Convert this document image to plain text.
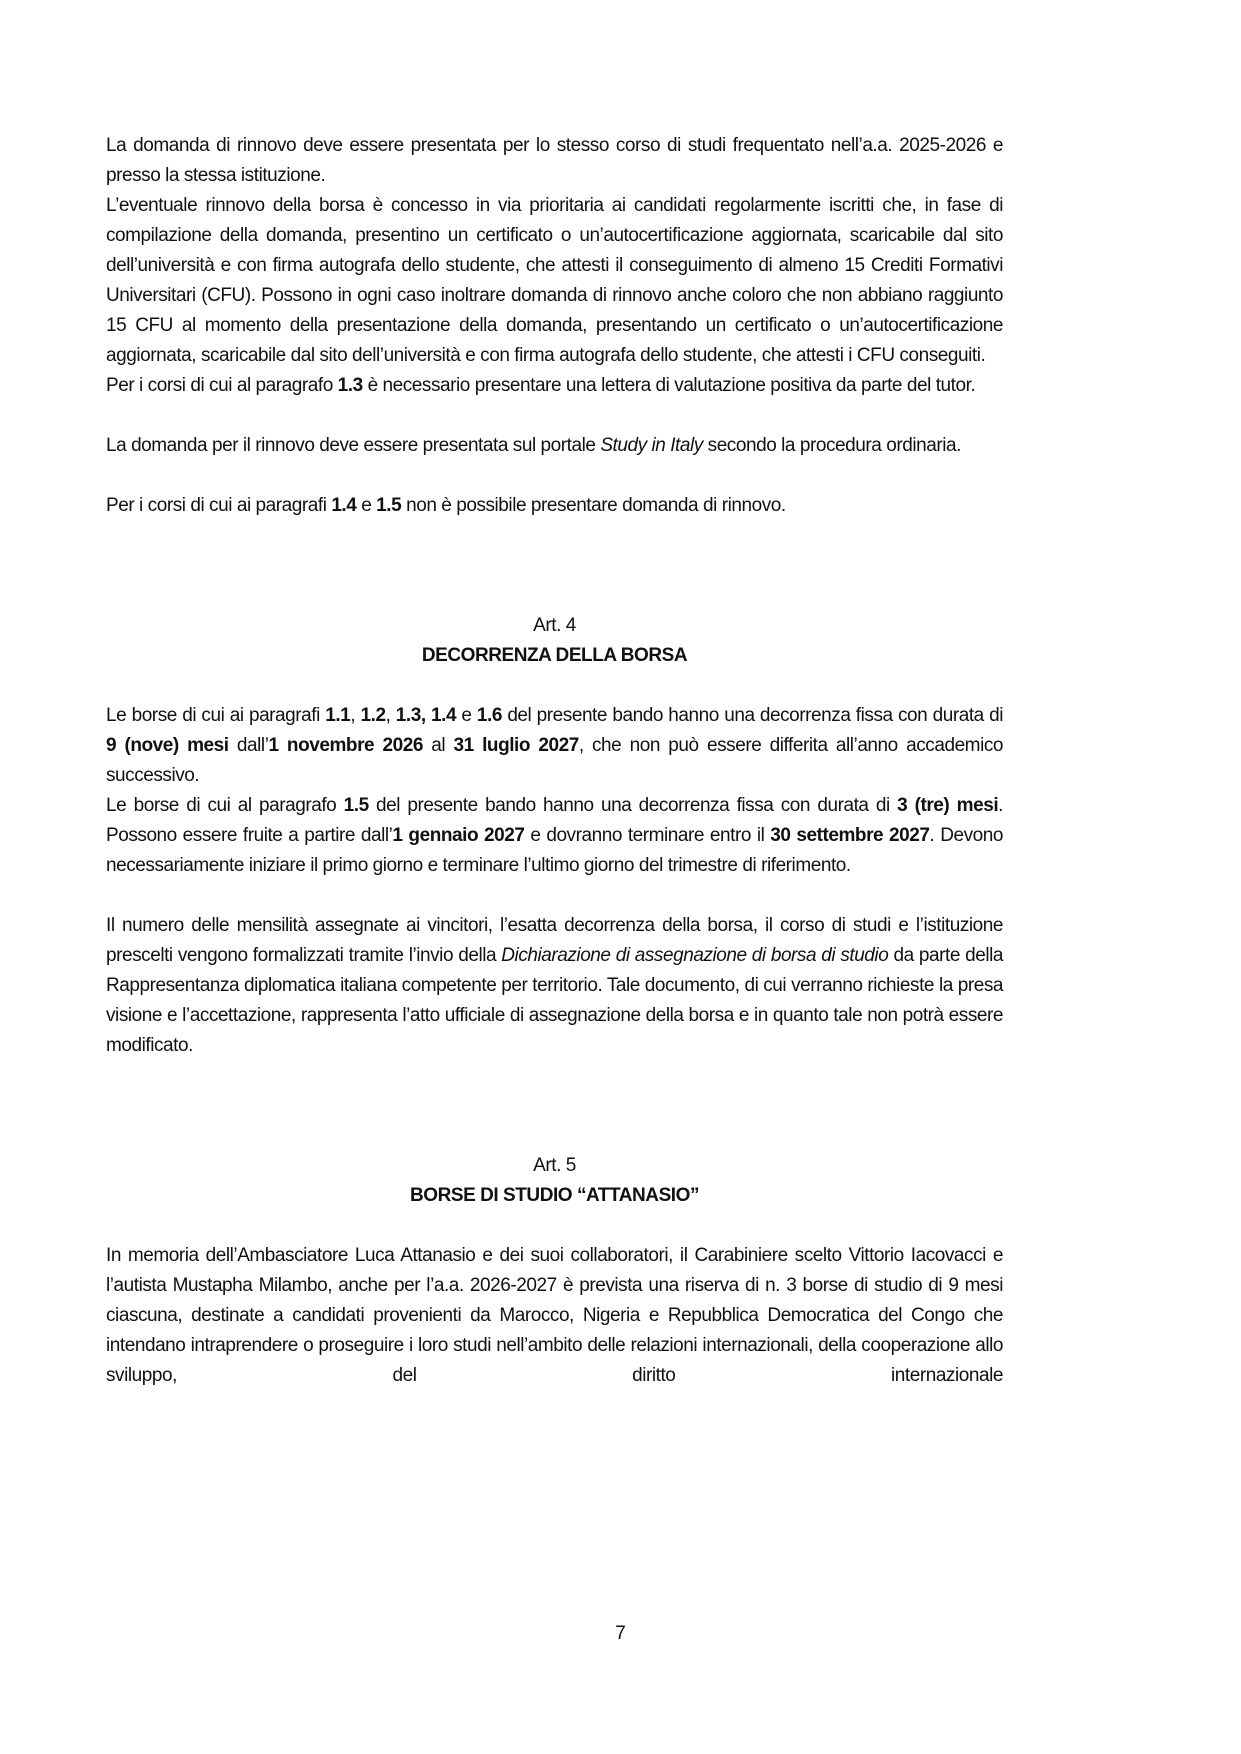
La domanda di rinnovo deve essere presentata per lo stesso corso di studi frequentato nell’a.a. 2025-2026 e presso la stessa istituzione.

L’eventuale rinnovo della borsa è concesso in via prioritaria ai candidati regolarmente iscritti che, in fase di compilazione della domanda, presentino un certificato o un’autocertificazione aggiornata, scaricabile dal sito dell’università e con firma autografa dello studente, che attesti il conseguimento di almeno 15 Crediti Formativi Universitari (CFU). Possono in ogni caso inoltrare domanda di rinnovo anche coloro che non abbiano raggiunto 15 CFU al momento della presentazione della domanda, presentando un certificato o un’autocertificazione aggiornata, scaricabile dal sito dell’università e con firma autografa dello studente, che attesti i CFU conseguiti.

Per i corsi di cui al paragrafo 1.3 è necessario presentare una lettera di valutazione positiva da parte del tutor.

La domanda per il rinnovo deve essere presentata sul portale Study in Italy secondo la procedura ordinaria.

Per i corsi di cui ai paragrafi 1.4 e 1.5 non è possibile presentare domanda di rinnovo.

Art. 4

DECORRENZA DELLA BORSA

Le borse di cui ai paragrafi 1.1, 1.2, 1.3, 1.4 e 1.6 del presente bando hanno una decorrenza fissa con durata di 9 (nove) mesi dall’1 novembre 2026 al 31 luglio 2027, che non può essere differita all’anno accademico successivo.

Le borse di cui al paragrafo 1.5 del presente bando hanno una decorrenza fissa con durata di 3 (tre) mesi. Possono essere fruite a partire dall’1 gennaio 2027 e dovranno terminare entro il 30 settembre 2027. Devono necessariamente iniziare il primo giorno e terminare l’ultimo giorno del trimestre di riferimento.

Il numero delle mensilità assegnate ai vincitori, l’esatta decorrenza della borsa, il corso di studi e l’istituzione prescelti vengono formalizzati tramite l’invio della Dichiarazione di assegnazione di borsa di studio da parte della Rappresentanza diplomatica italiana competente per territorio. Tale documento, di cui verranno richieste la presa visione e l’accettazione, rappresenta l’atto ufficiale di assegnazione della borsa e in quanto tale non potrà essere modificato.

Art. 5

BORSE DI STUDIO “ATTANASIO”

In memoria dell’Ambasciatore Luca Attanasio e dei suoi collaboratori, il Carabiniere scelto Vittorio Iacovacci e l’autista Mustapha Milambo, anche per l’a.a. 2026-2027 è prevista una riserva di n. 3 borse di studio di 9 mesi ciascuna, destinate a candidati provenienti da Marocco, Nigeria e Repubblica Democratica del Congo che intendano intraprendere o proseguire i loro studi nell’ambito delle relazioni internazionali, della cooperazione allo sviluppo, del diritto internazionale

7
